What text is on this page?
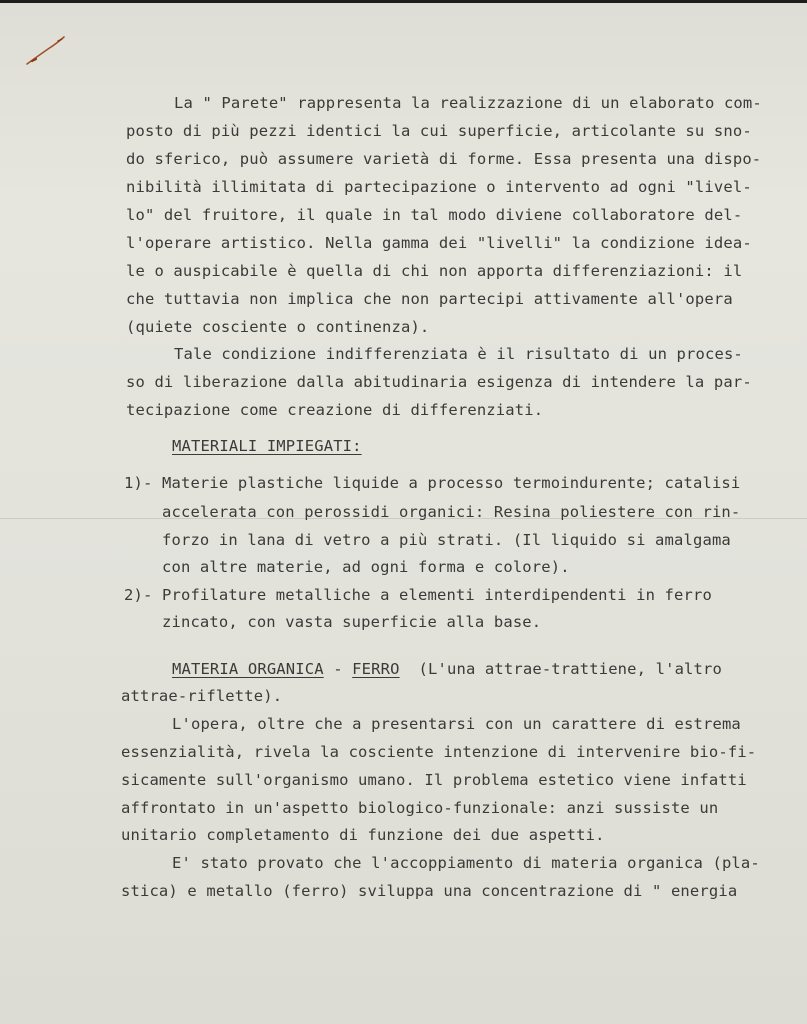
La " Parete" rappresenta la realizzazione di un elaborato com-
posto di più pezzi identici la cui superficie, articolante su sno-
do sferico, può assumere varietà di forme. Essa presenta una dispo-
nibilità illimitata di partecipazione o intervento ad ogni "livel-
lo" del fruitore, il quale in tal modo diviene collaboratore del-
l'operare artistico. Nella gamma dei "livelli" la condizione idea-
le o auspicabile è quella di chi non apporta differenziazioni: il
che tuttavia non implica che non partecipi attivamente all'opera
(quiete cosciente o continenza).
Tale condizione indifferenziata è il risultato di un proces-
so di liberazione dalla abitudinaria esigenza di intendere la par-
tecipazione come creazione di differenziati.
MATERIALI IMPIEGATI:
1)- Materie plastiche liquide a processo termoindurente; catalisi
accelerata con perossidi organici: Resina poliestere con rin-
forzo in lana di vetro a più strati. (Il liquido si amalgama
con altre materie, ad ogni forma e colore).
2)- Profilature metalliche a elementi interdipendenti in ferro
zincato, con vasta superficie alla base.
MATERIA ORGANICA - FERRO  (L'una attrae-trattiene, l'altro
attrae-riflette).
L'opera, oltre che a presentarsi con un carattere di estrema
essenzialità, rivela la cosciente intenzione di intervenire bio-fi-
sicamente sull'organismo umano. Il problema estetico viene infatti
affrontato in un'aspetto biologico-funzionale: anzi sussiste un
unitario completamento di funzione dei due aspetti.
E' stato provato che l'accoppiamento di materia organica (pla-
stica) e metallo (ferro) sviluppa una concentrazione di " energia
